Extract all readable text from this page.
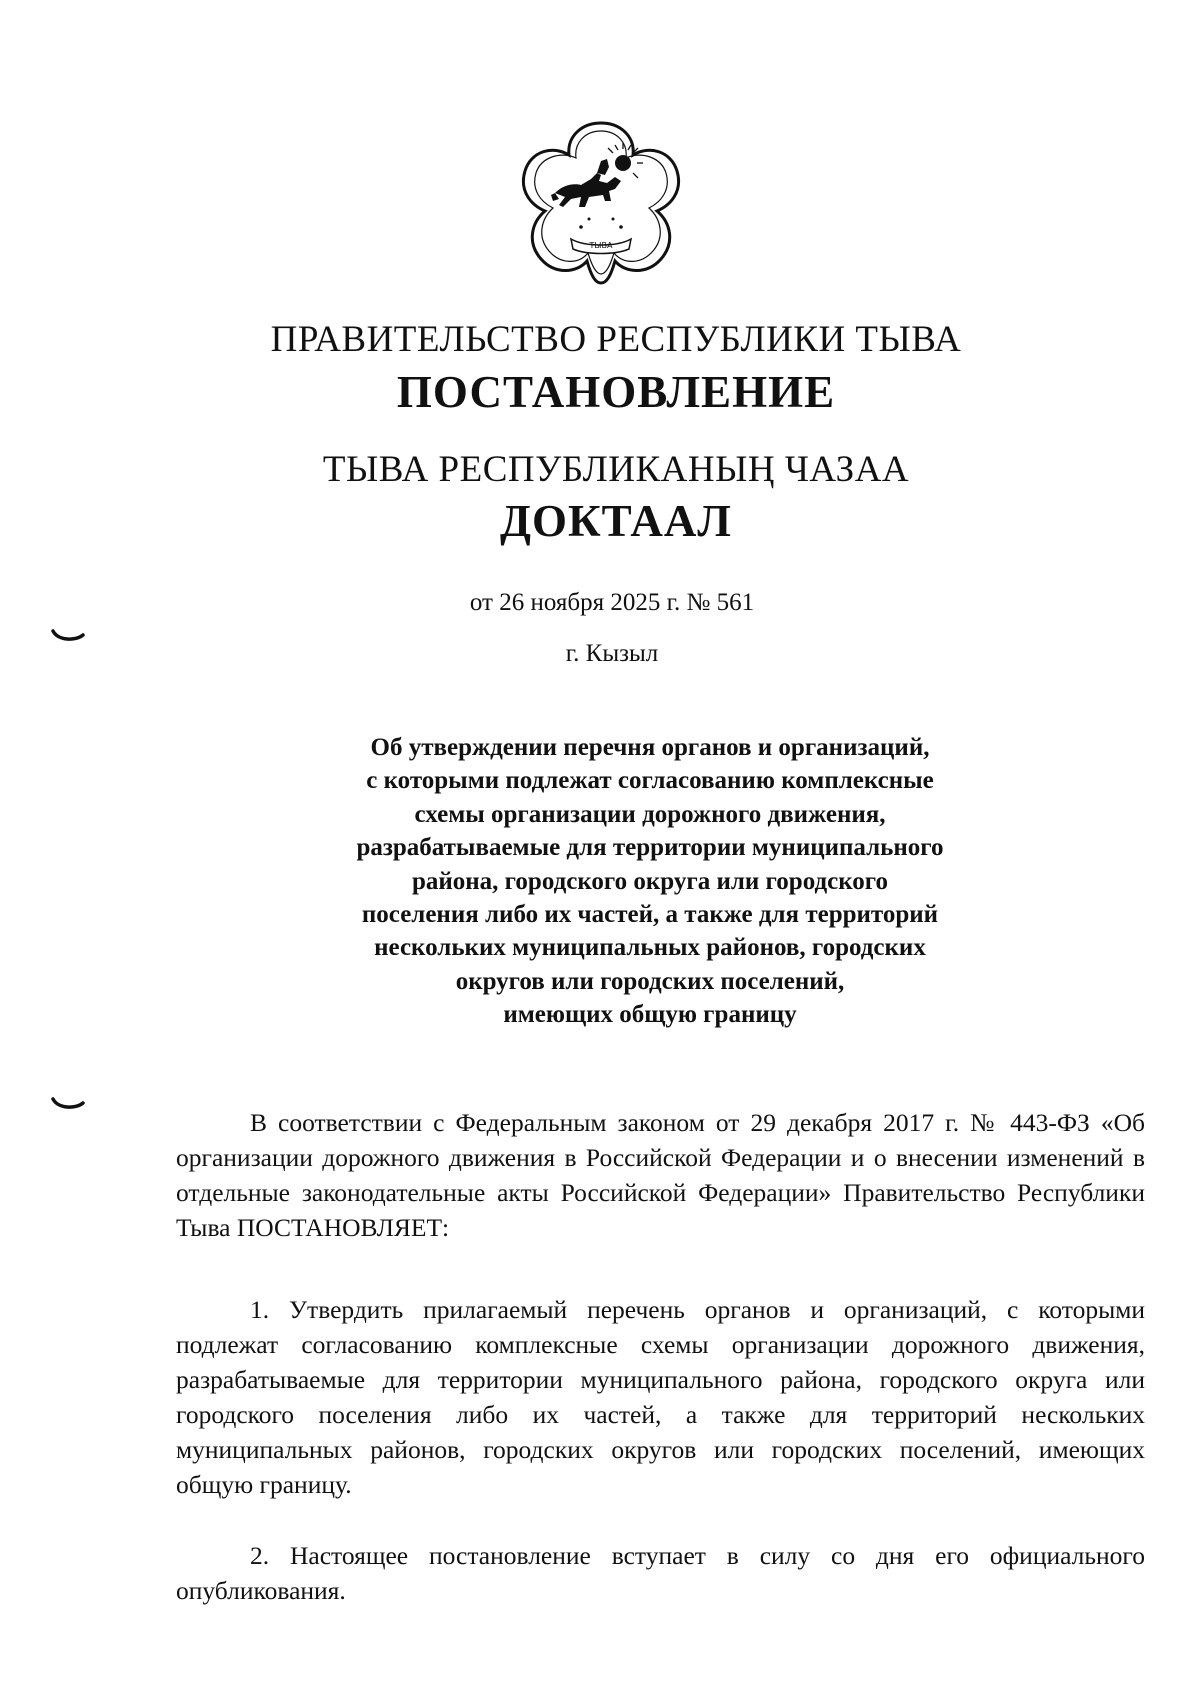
ТЫВА
ПРАВИТЕЛЬСТВО РЕСПУБЛИКИ ТЫВА
ПОСТАНОВЛЕНИЕ
ТЫВА РЕСПУБЛИКАНЫҢ ЧАЗАА
ДОКТААЛ
от 26 ноября 2025 г. № 561
г. Кызыл
Об утверждении перечня органов и организаций,
с которыми подлежат согласованию комплексные
схемы организации дорожного движения,
разрабатываемые для территории муниципального
района, городского округа или городского
поселения либо их частей, а также для территорий
нескольких муниципальных районов, городских
округов или городских поселений,
имеющих общую границу

В соответствии с Федеральным законом от 29 декабря 2017 г. № 443-ФЗ «Об организации дорожного движения в Российской Федерации и о внесении изменений в отдельные законодательные акты Российской Федерации» Правительство Республики Тыва ПОСТАНОВЛЯЕТ:

1. Утвердить прилагаемый перечень органов и организаций, с которыми подлежат согласованию комплексные схемы организации дорожного движения, разрабатываемые для территории муниципального района, городского округа или городского поселения либо их частей, а также для территорий нескольких муниципальных районов, городских округов или городских поселений, имеющих общую границу.

2. Настоящее постановление вступает в силу со дня его официального опубликования.
